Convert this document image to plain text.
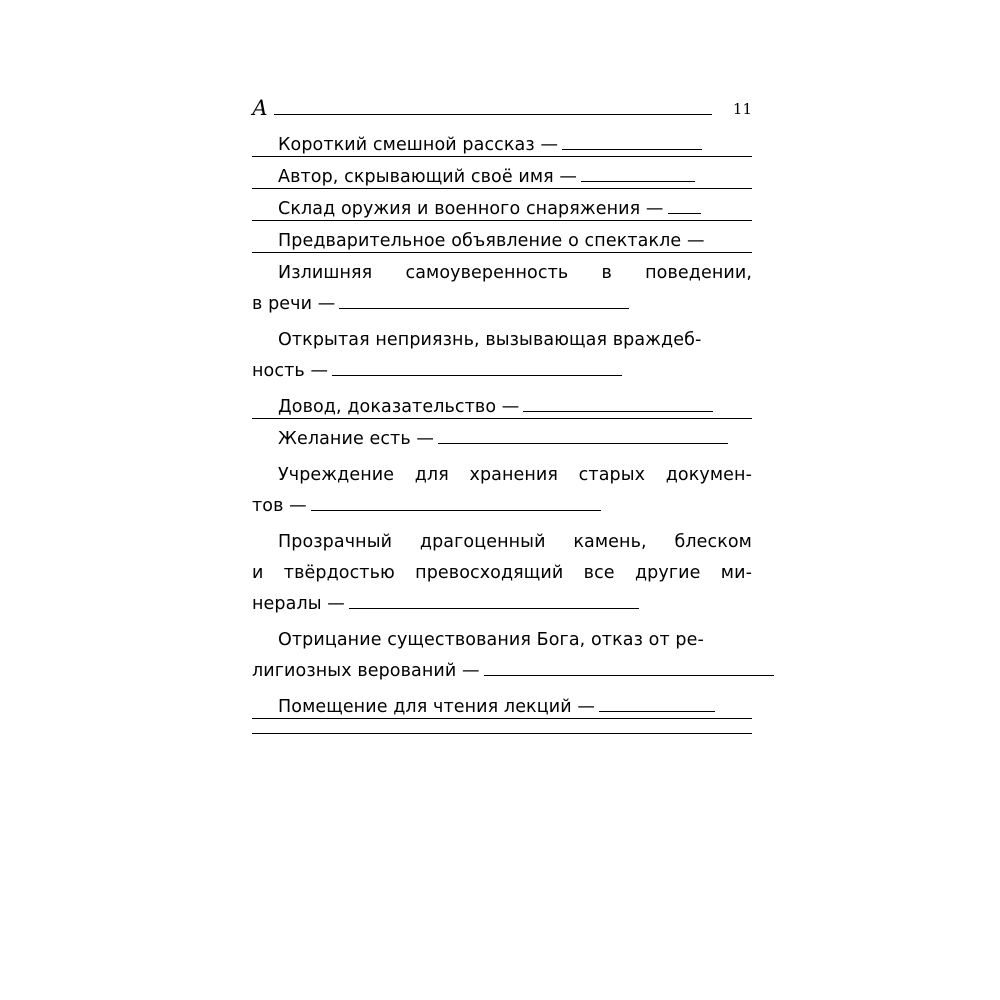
А	11

Короткий смешной рассказ —

Автор, скрывающий своё имя —

Склад оружия и военного снаряжения —

Предварительное объявление о спектакле —

Излишняя самоуверенность в поведении,

в речи —

Открытая неприязнь, вызывающая враждеб-

ность —

Довод, доказательство —

Желание есть —

Учреждение для хранения старых докумен-

тов —

Прозрачный драгоценный камень, блеском

и твёрдостью превосходящий все другие ми-

нералы —

Отрицание существования Бога, отказ от ре-

лигиозных верований —

Помещение для чтения лекций —
